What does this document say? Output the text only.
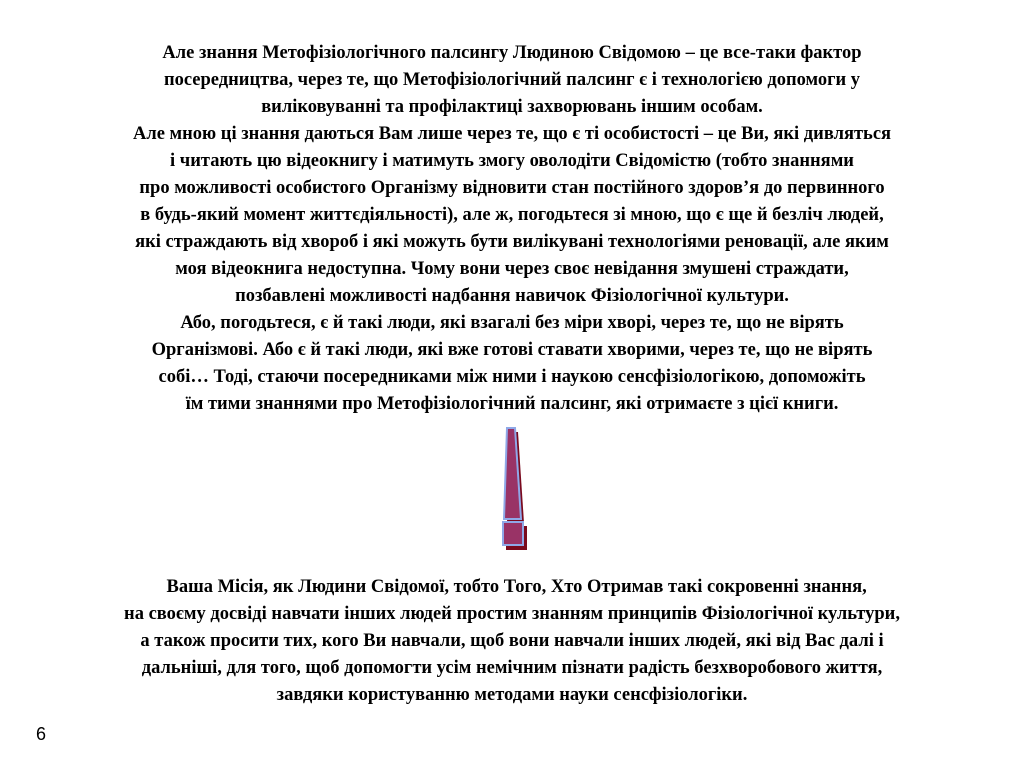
Але знання Метофізіологічного палсингу Людиною Свідомою – це все-таки фактор
посередництва, через те, що Метофізіологічний палсинг є і технологією допомоги у
виліковуванні та профілактиці захворювань іншим особам.
Але мною ці знання даються Вам лише через те, що є ті особистості – це Ви, які дивляться
і читають цю відеокнигу і матимуть змогу оволодіти Свідомістю (тобто знаннями
про можливості особистого Організму відновити стан постійного здоров’я до первинного
в будь-який момент життєдіяльності), але ж, погодьтеся зі мною, що є ще й безліч людей,
які страждають від хвороб і які можуть бути вилікувані технологіями реновації, але яким
моя відеокнига недоступна. Чому вони через своє невідання змушені страждати,
позбавлені можливості надбання навичок Фізіологічної культури.
Або, погодьтеся, є й такі люди, які взагалі без міри хворі, через те, що не вірять
Організмові. Або є й такі люди, які вже готові ставати хворими, через те, що не вірять
собі… Тоді, стаючи посередниками між ними і наукою сенсфізіологікою, допоможіть
їм тими знаннями про Метофізіологічний палсинг, які отримаєте з цієї книги.
Ваша Місія, як Людини Свідомої, тобто Того, Хто Отримав такі сокровенні знання,
на своєму досвіді навчати інших людей простим знанням принципів Фізіологічної культури,
а також просити тих, кого Ви навчали, щоб вони навчали інших людей, які від Вас далі і
дальніші, для того, щоб допомогти усім немічним пізнати радість безхворобового життя,
завдяки користуванню методами науки сенсфізіологіки.
6
